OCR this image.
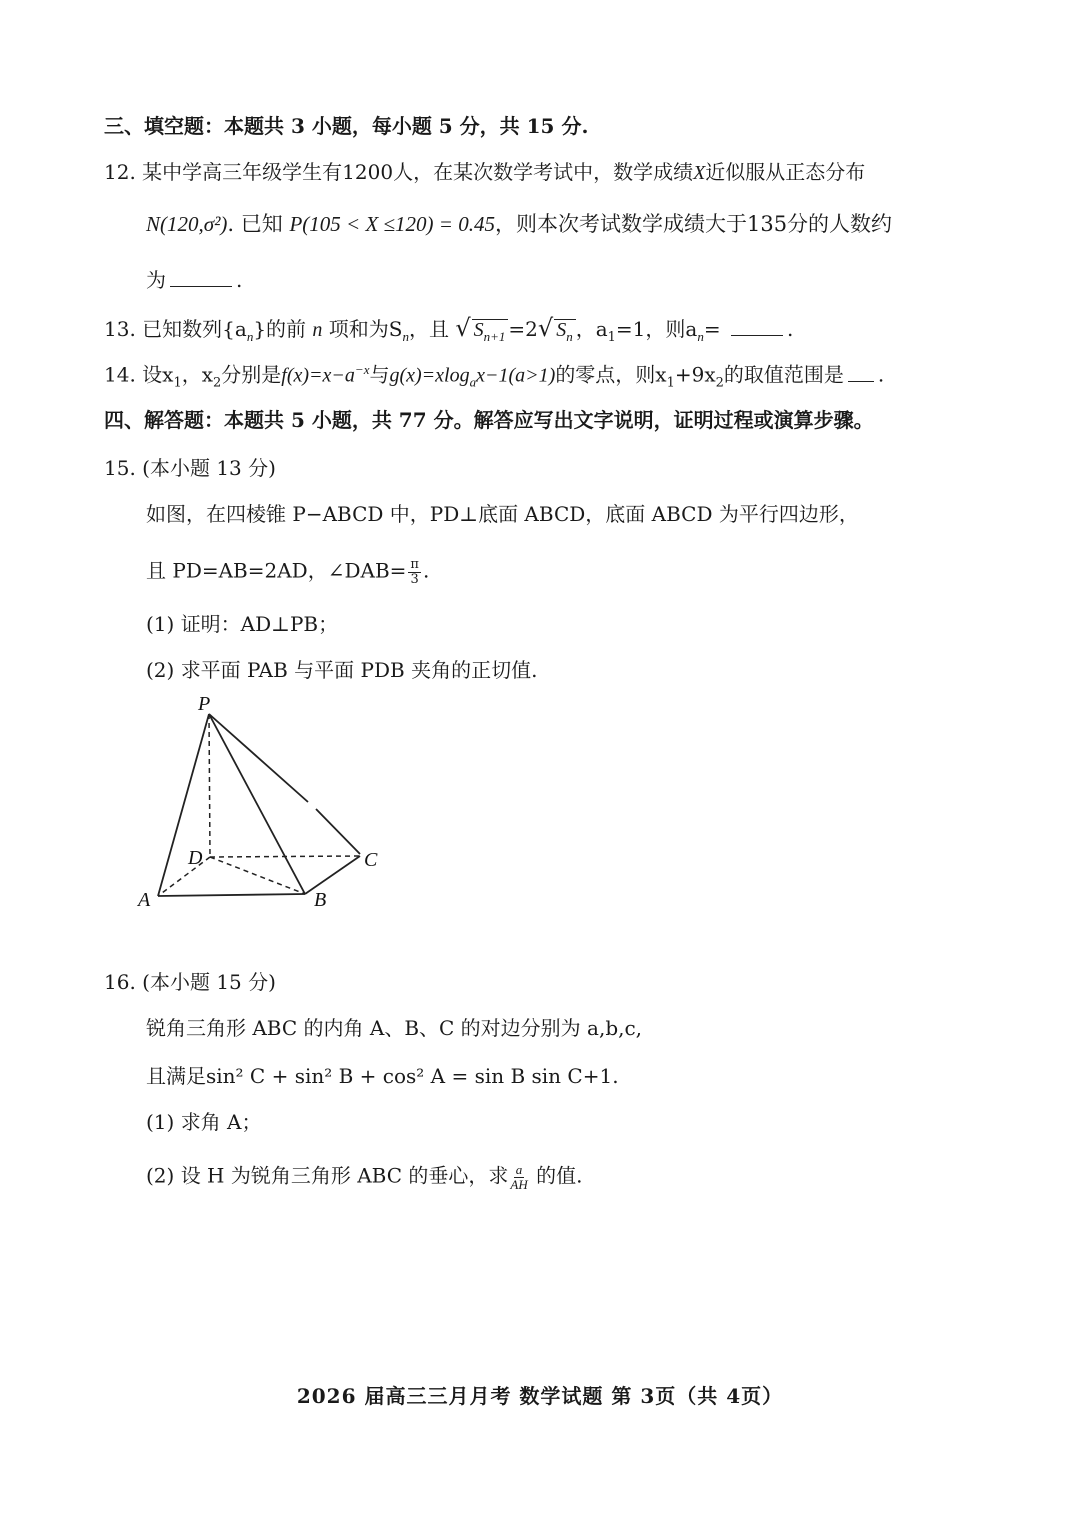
三、填空题：本题共 3 小题，每小题 5 分，共 15 分.
12. 某中学高三年级学生有1200人，在某次数学考试中，数学成绩X近似服从正态分布
N(120,σ²). 已知 P(105 < X ≤120) = 0.45，则本次考试数学成绩大于135分的人数约
为	.
13. 已知数列$\{a_n\}$的前 n 项和为$S_n$，且 √ $S_{n+1} =2√$ $S_n$ ，$a_1=1$，则$a_n=$	.
14. 设$x_1$，$x_2$分别是$f(x)=x-a^{-x}$与g(x)=xlog$_a$x−1(a>1)的零点，则$x_1+9x_2$的取值范围是 .
四、解答题：本题共 5 小题，共 77 分。解答应写出文字说明，证明过程或演算步骤。
15. (本小题 13 分)
如图，在四棱锥 P−ABCD 中，PD⊥底面 ABCD，底面 ABCD 为平行四边形，
且 PD=AB=2AD，∠DAB= $\frac{\pi}{3}$ .
(1) 证明：AD⊥PB；
(2) 求平面 PAB 与平面 PDB 夹角的正切值.
P
D	C
A	B
16. (本小题 15 分)
锐角三角形 ABC 的内角 A、B、C 的对边分别为 a,b,c,
且满足sin² C + sin² B + cos² A = sin B sin C+1.
(1) 求角 A；
(2) 设 H 为锐角三角形 ABC 的垂心，求 $\frac{a}{AH}$ 的值.
2026 届高三三月月考 数学试题 第 3页（共 4页）
